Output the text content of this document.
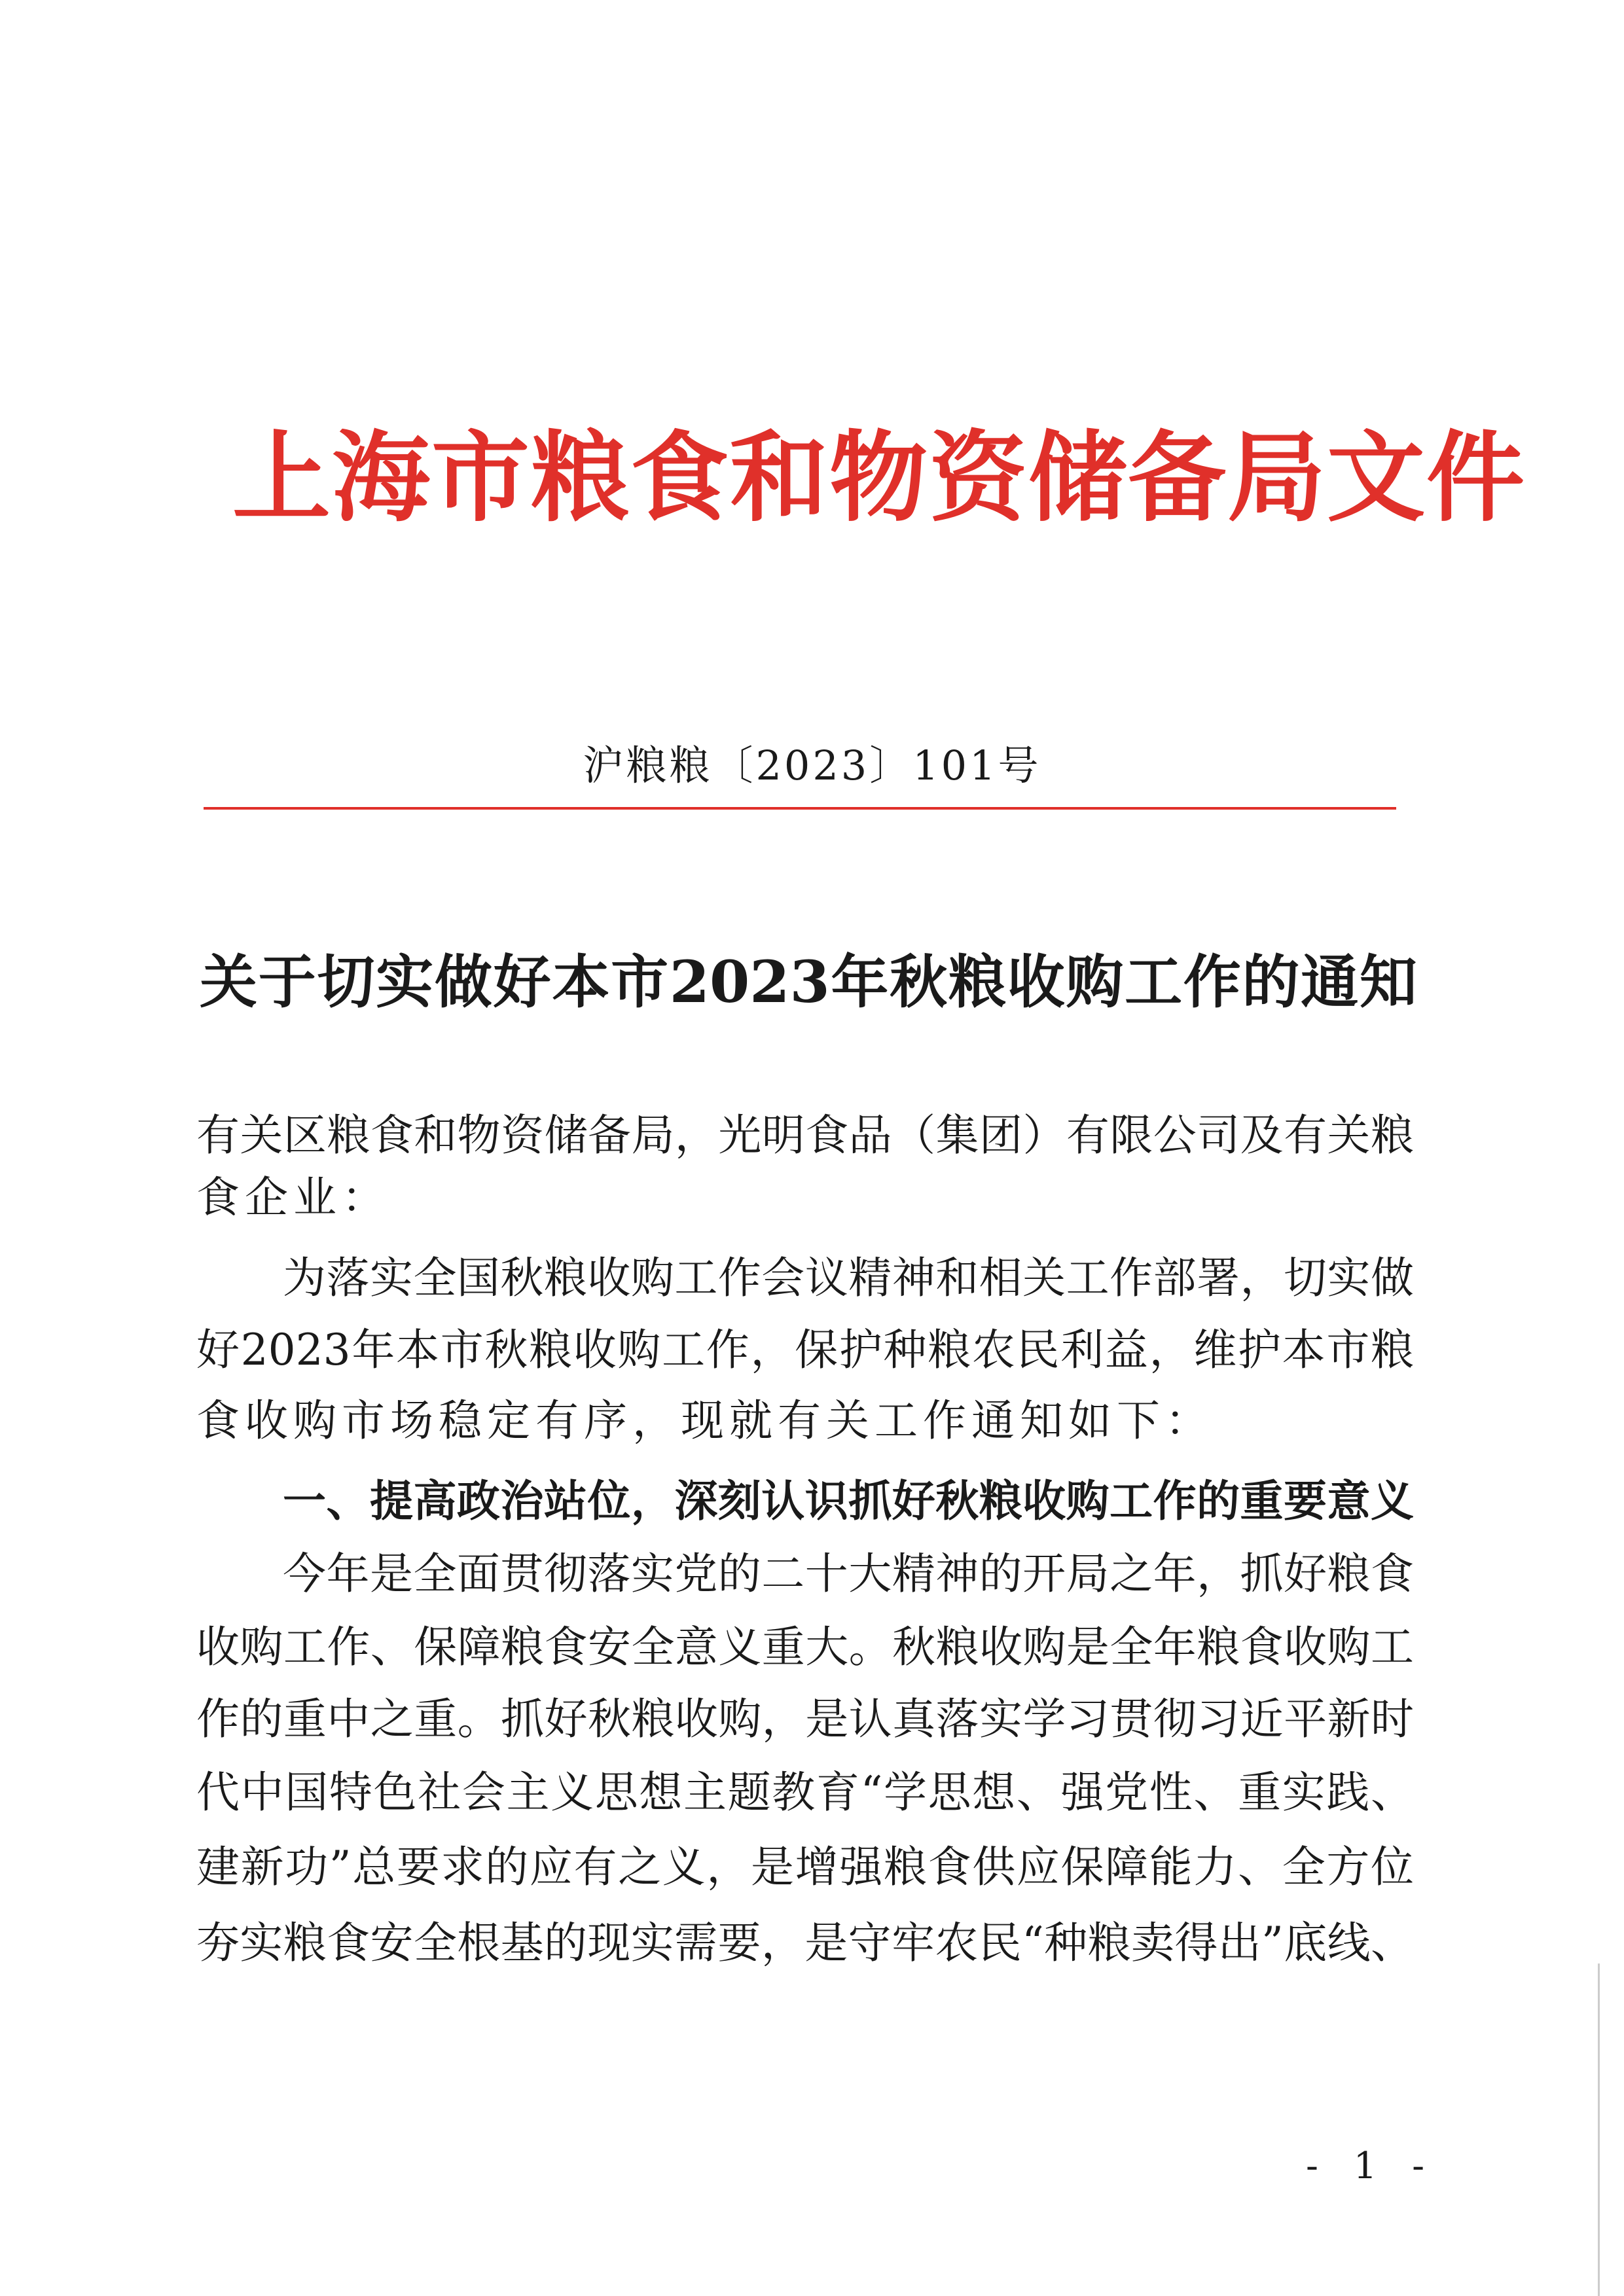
上海市粮食和物资储备局文件
沪粮粮〔2023〕101号
关于切实做好本市2023年秋粮收购工作的通知
有关区粮食和物资储备局，光明食品（集团）有限公司及有关粮
食企业：
为落实全国秋粮收购工作会议精神和相关工作部署，切实做
好2023年本市秋粮收购工作，保护种粮农民利益，维护本市粮
食收购市场稳定有序，现就有关工作通知如下：
一、提高政治站位，深刻认识抓好秋粮收购工作的重要意义
今年是全面贯彻落实党的二十大精神的开局之年，抓好粮食
收购工作、保障粮食安全意义重大。秋粮收购是全年粮食收购工
作的重中之重。抓好秋粮收购，是认真落实学习贯彻习近平新时
代中国特色社会主义思想主题教育“学思想、强党性、重实践、
建新功”总要求的应有之义，是增强粮食供应保障能力、全方位
夯实粮食安全根基的现实需要，是守牢农民“种粮卖得出”底线、
- 1 -
